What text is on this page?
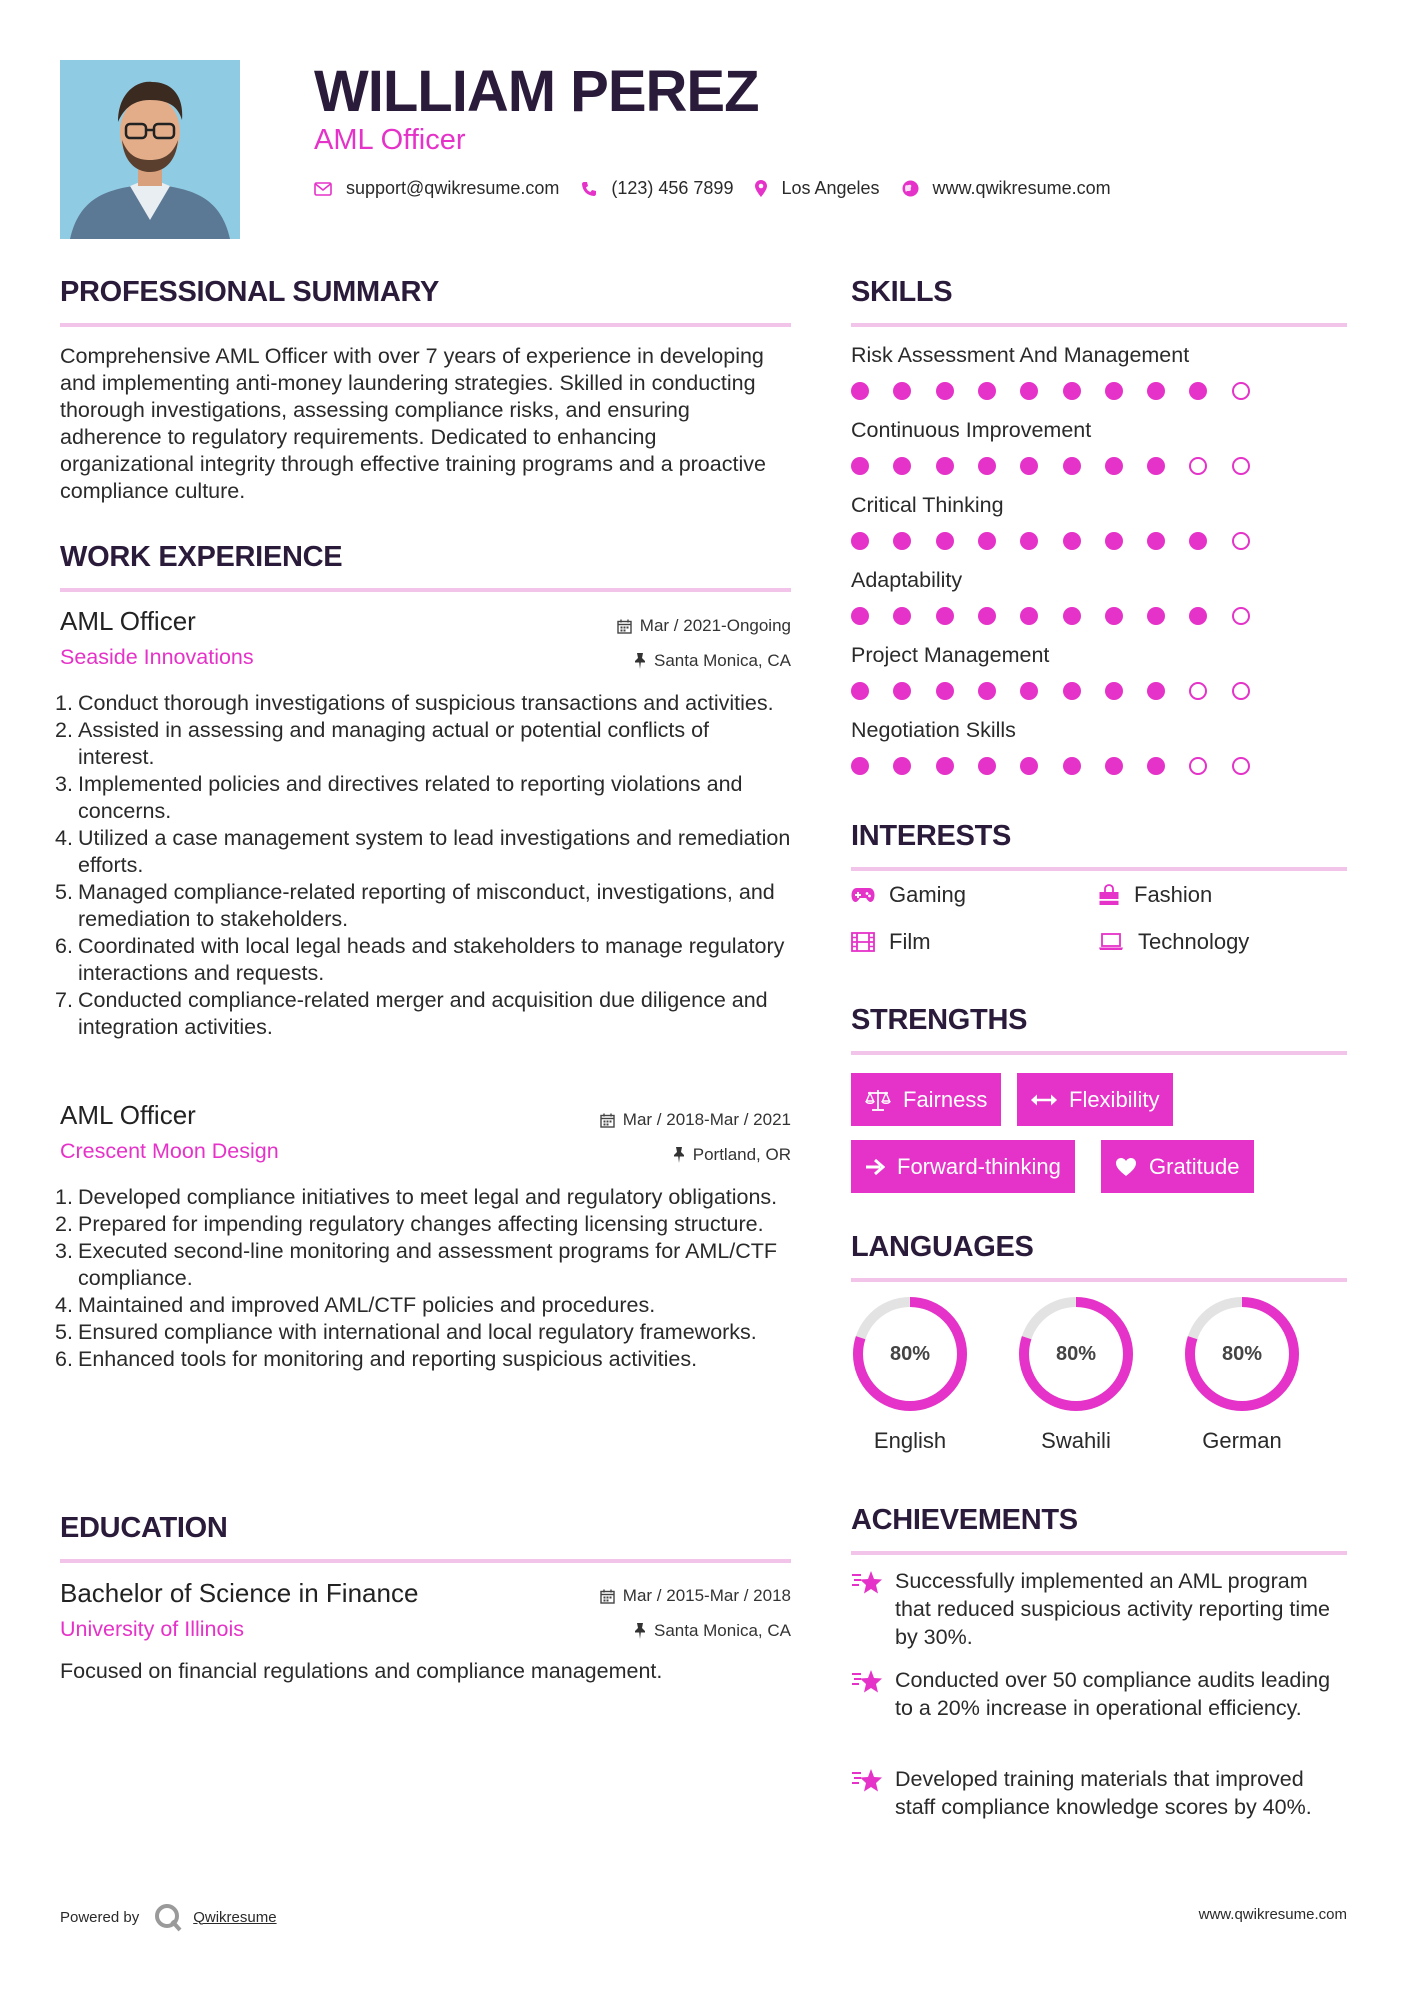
WILLIAM PEREZ
AML Officer
support@qwikresume.com	(123) 456 7899	Los Angeles	www.qwikresume.com
PROFESSIONAL SUMMARY
Comprehensive AML Officer with over 7 years of experience in developing and implementing anti-money laundering strategies. Skilled in conducting thorough investigations, assessing compliance risks, and ensuring adherence to regulatory requirements. Dedicated to enhancing organizational integrity through effective training programs and a proactive compliance culture.
WORK EXPERIENCE
AML Officer
Seaside Innovations
Mar / 2021-Ongoing
Santa Monica, CA
1. Conduct thorough investigations of suspicious transactions and activities.
2. Assisted in assessing and managing actual or potential conflicts of interest.
3. Implemented policies and directives related to reporting violations and concerns.
4. Utilized a case management system to lead investigations and remediation efforts.
5. Managed compliance-related reporting of misconduct, investigations, and remediation to stakeholders.
6. Coordinated with local legal heads and stakeholders to manage regulatory interactions and requests.
7. Conducted compliance-related merger and acquisition due diligence and integration activities.
AML Officer
Crescent Moon Design
Mar / 2018-Mar / 2021
Portland, OR
1. Developed compliance initiatives to meet legal and regulatory obligations.
2. Prepared for impending regulatory changes affecting licensing structure.
3. Executed second-line monitoring and assessment programs for AML/CTF compliance.
4. Maintained and improved AML/CTF policies and procedures.
5. Ensured compliance with international and local regulatory frameworks.
6. Enhanced tools for monitoring and reporting suspicious activities.
EDUCATION
Bachelor of Science in Finance
University of Illinois
Mar / 2015-Mar / 2018
Santa Monica, CA
Focused on financial regulations and compliance management.
SKILLS
Risk Assessment And Management
Continuous Improvement
Critical Thinking
Adaptability
Project Management
Negotiation Skills
INTERESTS
Gaming	Fashion
Film	Technology
STRENGTHS
Fairness	Flexibility
Forward-thinking	Gratitude
LANGUAGES
80%
English
80%
Swahili
80%
German
ACHIEVEMENTS
Successfully implemented an AML program that reduced suspicious activity reporting time by 30%.
Conducted over 50 compliance audits leading to a 20% increase in operational efficiency.
Developed training materials that improved staff compliance knowledge scores by 40%.
Powered by	Qwikresume	www.qwikresume.com
